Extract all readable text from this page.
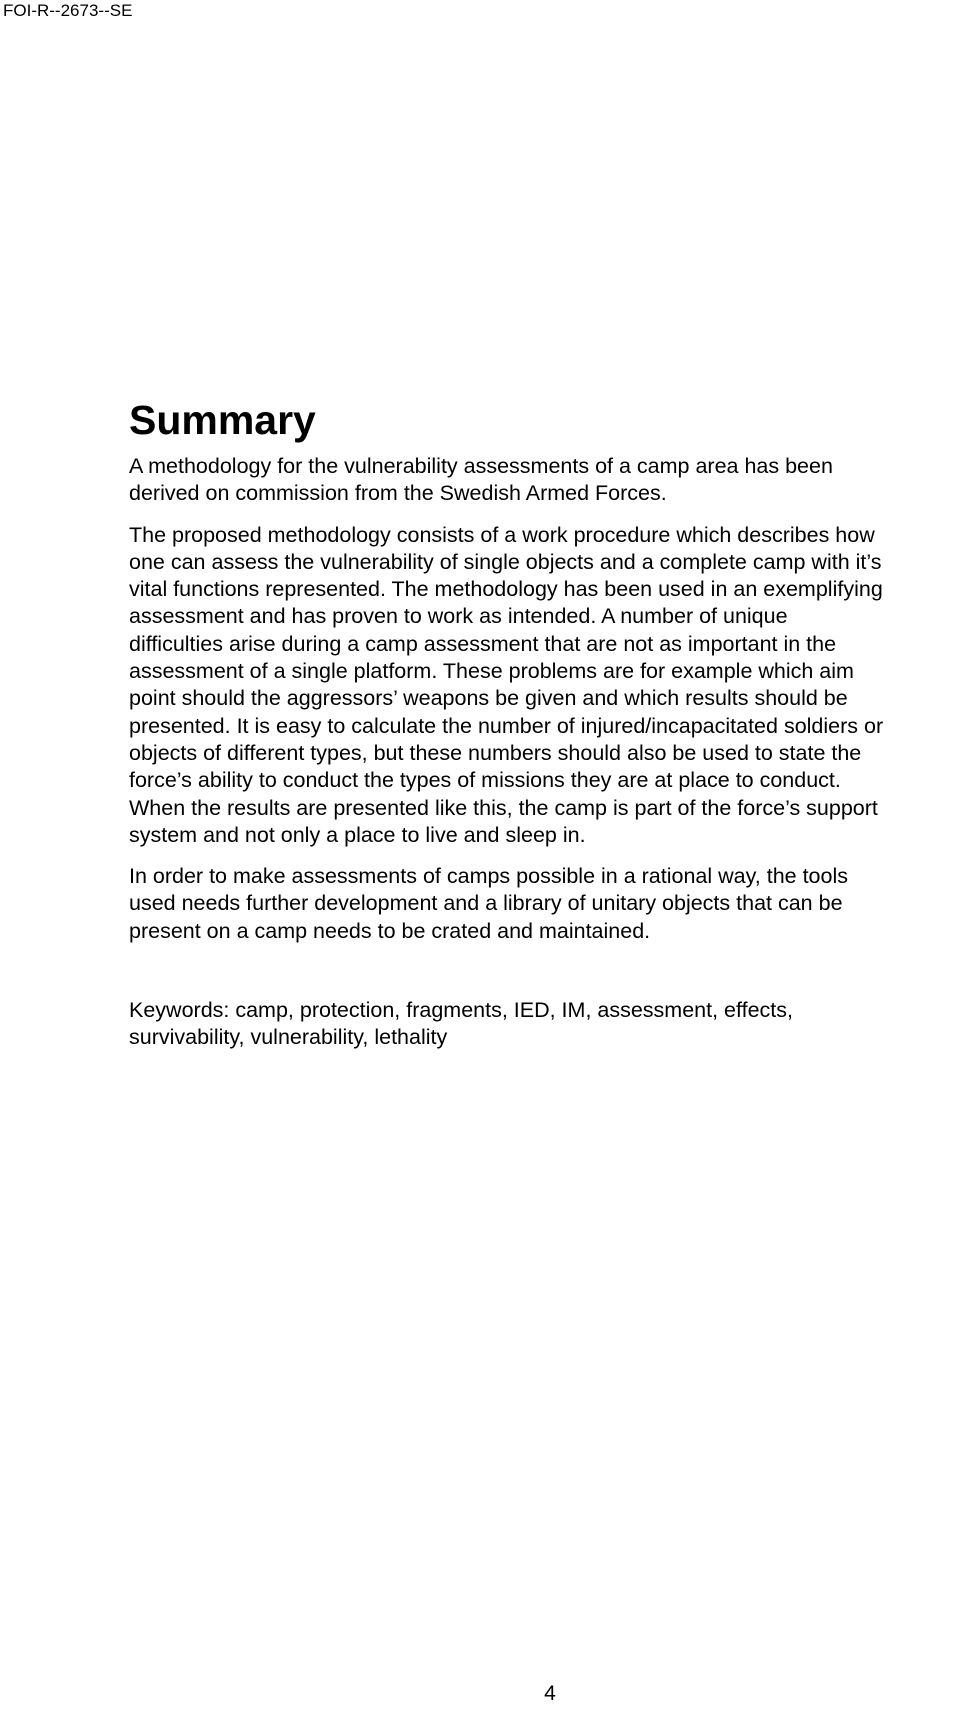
FOI-R--2673--SE
Summary

A methodology for the vulnerability assessments of a camp area has been
derived on commission from the Swedish Armed Forces.

The proposed methodology consists of a work procedure which describes how
one can assess the vulnerability of single objects and a complete camp with it’s
vital functions represented. The methodology has been used in an exemplifying
assessment and has proven to work as intended. A number of unique
difficulties arise during a camp assessment that are not as important in the
assessment of a single platform. These problems are for example which aim
point should the aggressors’ weapons be given and which results should be
presented. It is easy to calculate the number of injured/incapacitated soldiers or
objects of different types, but these numbers should also be used to state the
force’s ability to conduct the types of missions they are at place to conduct.
When the results are presented like this, the camp is part of the force’s support
system and not only a place to live and sleep in.

In order to make assessments of camps possible in a rational way, the tools
used needs further development and a library of unitary objects that can be
present on a camp needs to be crated and maintained.

Keywords: camp, protection, fragments, IED, IM, assessment, effects,
survivability, vulnerability, lethality

4
